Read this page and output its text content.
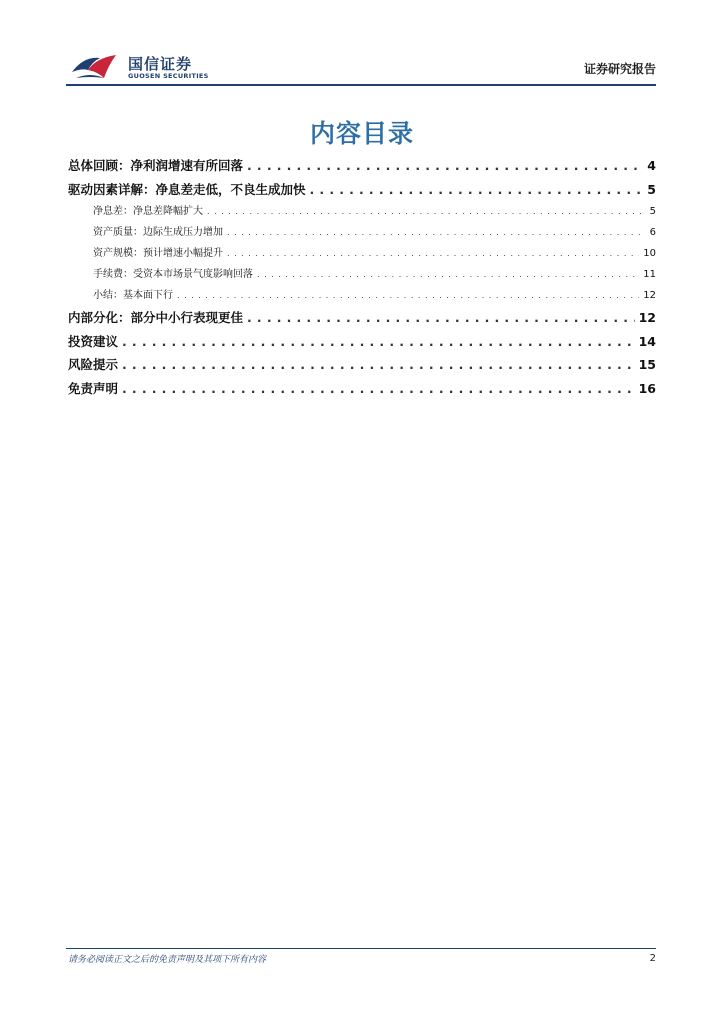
国信证券
GUOSEN SECURITIES	证券研究报告
内容目录
总体回顾：净利润增速有所回落 . . .	4
驱动因素详解：净息差走低，不良生成加快 . . .	5
净息差：净息差降幅扩大 . . .	5
资产质量：边际生成压力增加 . . .	6
资产规模：预计增速小幅提升 . . .	10
手续费：受资本市场景气度影响回落 . . .	11
小结：基本面下行 . . .	12
内部分化：部分中小行表现更佳 . . .	12
投资建议 . . .	14
风险提示 . . .	15
免责声明 . . .	16
请务必阅读正文之后的免责声明及其项下所有内容	2
